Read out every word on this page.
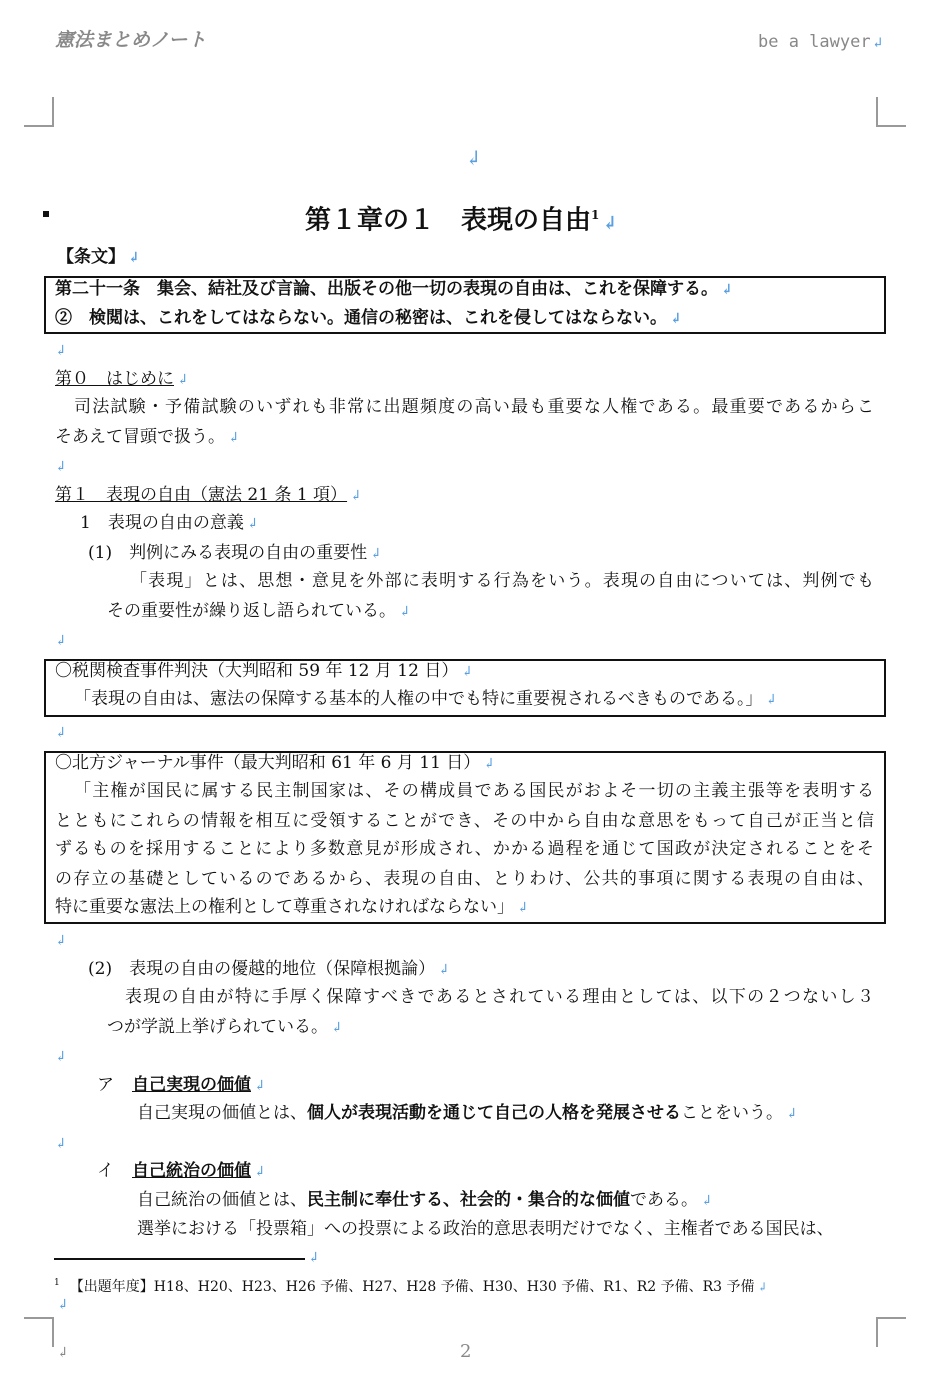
憲法まとめノート	be a lawyer ↲
↲
第１章の１　表現の自由$^1$ ↲
【条文】 ↲
第二十一条　集会、結社及び言論、出版その他一切の表現の自由は、これを保障する。 ↲
②　検閲は、これをしてはならない。通信の秘密は、これを侵してはならない。 ↲
↲
第０　はじめに ↲
司法試験・予備試験のいずれも非常に出題頻度の高い最も重要な人権である。最重要であるからこ
そあえて冒頭で扱う。 ↲
↲
第１　表現の自由（憲法 21 条 1 項） ↲
1　表現の自由の意義 ↲
(1)　判例にみる表現の自由の重要性 ↲
「表現」とは、思想・意見を外部に表明する行為をいう。表現の自由については、判例でも
その重要性が繰り返し語られている。 ↲
↲
〇税関検査事件判決（大判昭和 59 年 12 月 12 日） ↲
「表現の自由は、憲法の保障する基本的人権の中でも特に重要視されるべきものである。」 ↲
↲
〇北方ジャーナル事件（最大判昭和 61 年 6 月 11 日） ↲
「主権が国民に属する民主制国家は、その構成員である国民がおよそ一切の主義主張等を表明する
とともにこれらの情報を相互に受領することができ、その中から自由な意思をもって自己が正当と信
ずるものを採用することにより多数意見が形成され、かかる過程を通じて国政が決定されることをそ
の存立の基礎としているのであるから、表現の自由、とりわけ、公共的事項に関する表現の自由は、
特に重要な憲法上の権利として尊重されなければならない」 ↲
↲
(2)　表現の自由の優越的地位（保障根拠論） ↲
表現の自由が特に手厚く保障すべきであるとされている理由としては、以下の２つないし３
つが学説上挙げられている。 ↲
↲
ア 自己実現の価値 ↲
自己実現の価値とは、個人が表現活動を通じて自己の人格を発展させることをいう。 ↲
↲
イ 自己統治の価値 ↲
自己統治の価値とは、民主制に奉仕する、社会的・集合的な価値である。 ↲
選挙における「投票箱」への投票による政治的意思表明だけでなく、主権者である国民は、
↲
$^1$ 【出題年度】H18、H20、H23、H26 予備、H27、H28 予備、H30、H30 予備、R1、R2 予備、R3 予備 ↲
↲
↲	2
